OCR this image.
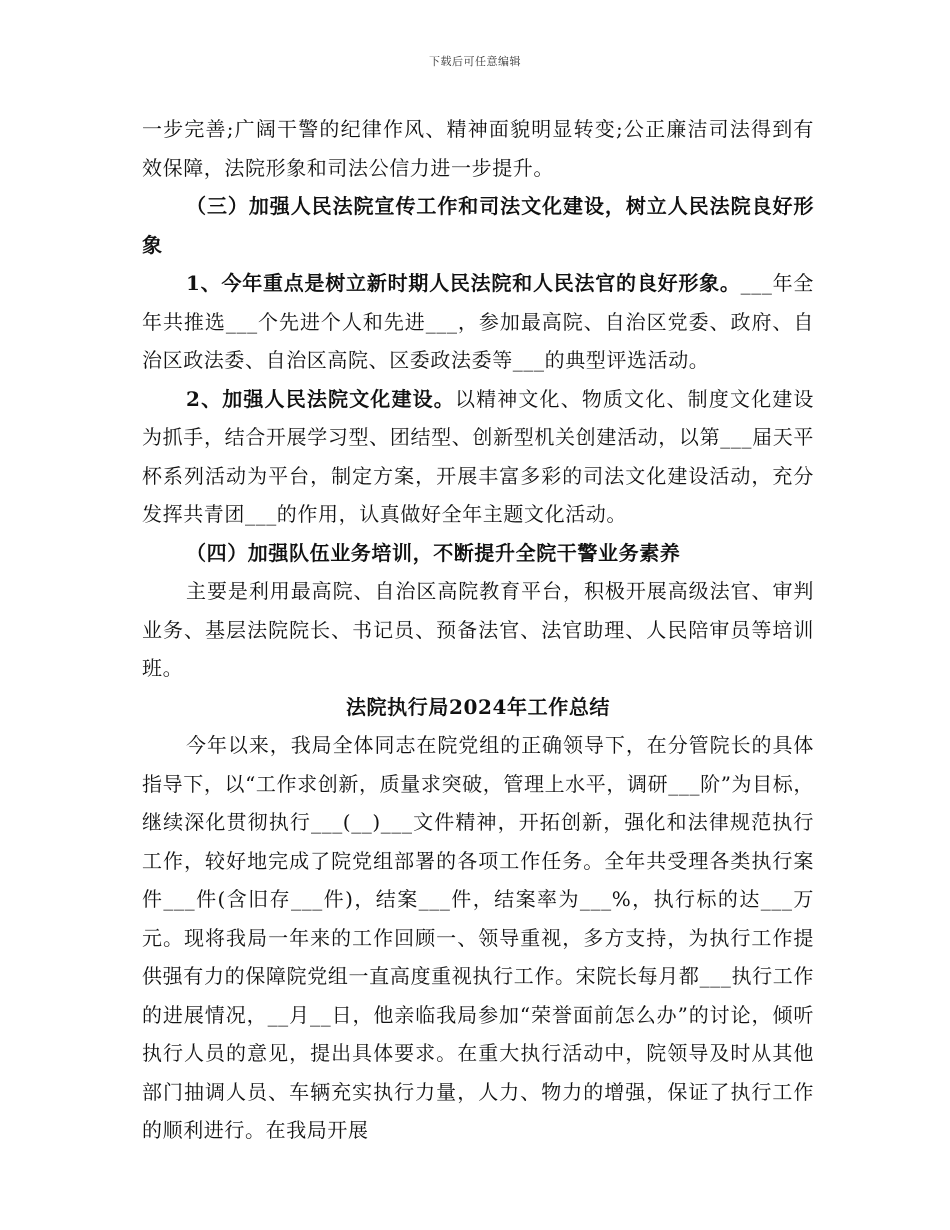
下载后可任意编辑

一步完善;广阔干警的纪律作风、精神面貌明显转变;公正廉洁司法得到有效保障，法院形象和司法公信力进一步提升。

（三）加强人民法院宣传工作和司法文化建设，树立人民法院良好形象

1、今年重点是树立新时期人民法院和人民法官的良好形象。___年全年共推选___个先进个人和先进___，参加最高院、自治区党委、政府、自治区政法委、自治区高院、区委政法委等___的典型评选活动。

2、加强人民法院文化建设。以精神文化、物质文化、制度文化建设为抓手，结合开展学习型、团结型、创新型机关创建活动，以第___届天平杯系列活动为平台，制定方案，开展丰富多彩的司法文化建设活动，充分发挥共青团___的作用，认真做好全年主题文化活动。

（四）加强队伍业务培训，不断提升全院干警业务素养

主要是利用最高院、自治区高院教育平台，积极开展高级法官、审判业务、基层法院院长、书记员、预备法官、法官助理、人民陪审员等培训班。

法院执行局2024年工作总结

今年以来，我局全体同志在院党组的正确领导下，在分管院长的具体指导下，以“工作求创新，质量求突破，管理上水平，调研___阶”为目标，继续深化贯彻执行___(__)___文件精神，开拓创新，强化和法律规范执行工作，较好地完成了院党组部署的各项工作任务。全年共受理各类执行案件___件(含旧存___件)，结案___件，结案率为___%，执行标的达___万元。现将我局一年来的工作回顾一、领导重视，多方支持，为执行工作提供强有力的保障院党组一直高度重视执行工作。宋院长每月都___执行工作的进展情况，__月__日，他亲临我局参加“荣誉面前怎么办”的讨论，倾听执行人员的意见，提出具体要求。在重大执行活动中，院领导及时从其他部门抽调人员、车辆充实执行力量，人力、物力的增强，保证了执行工作的顺利进行。在我局开展
